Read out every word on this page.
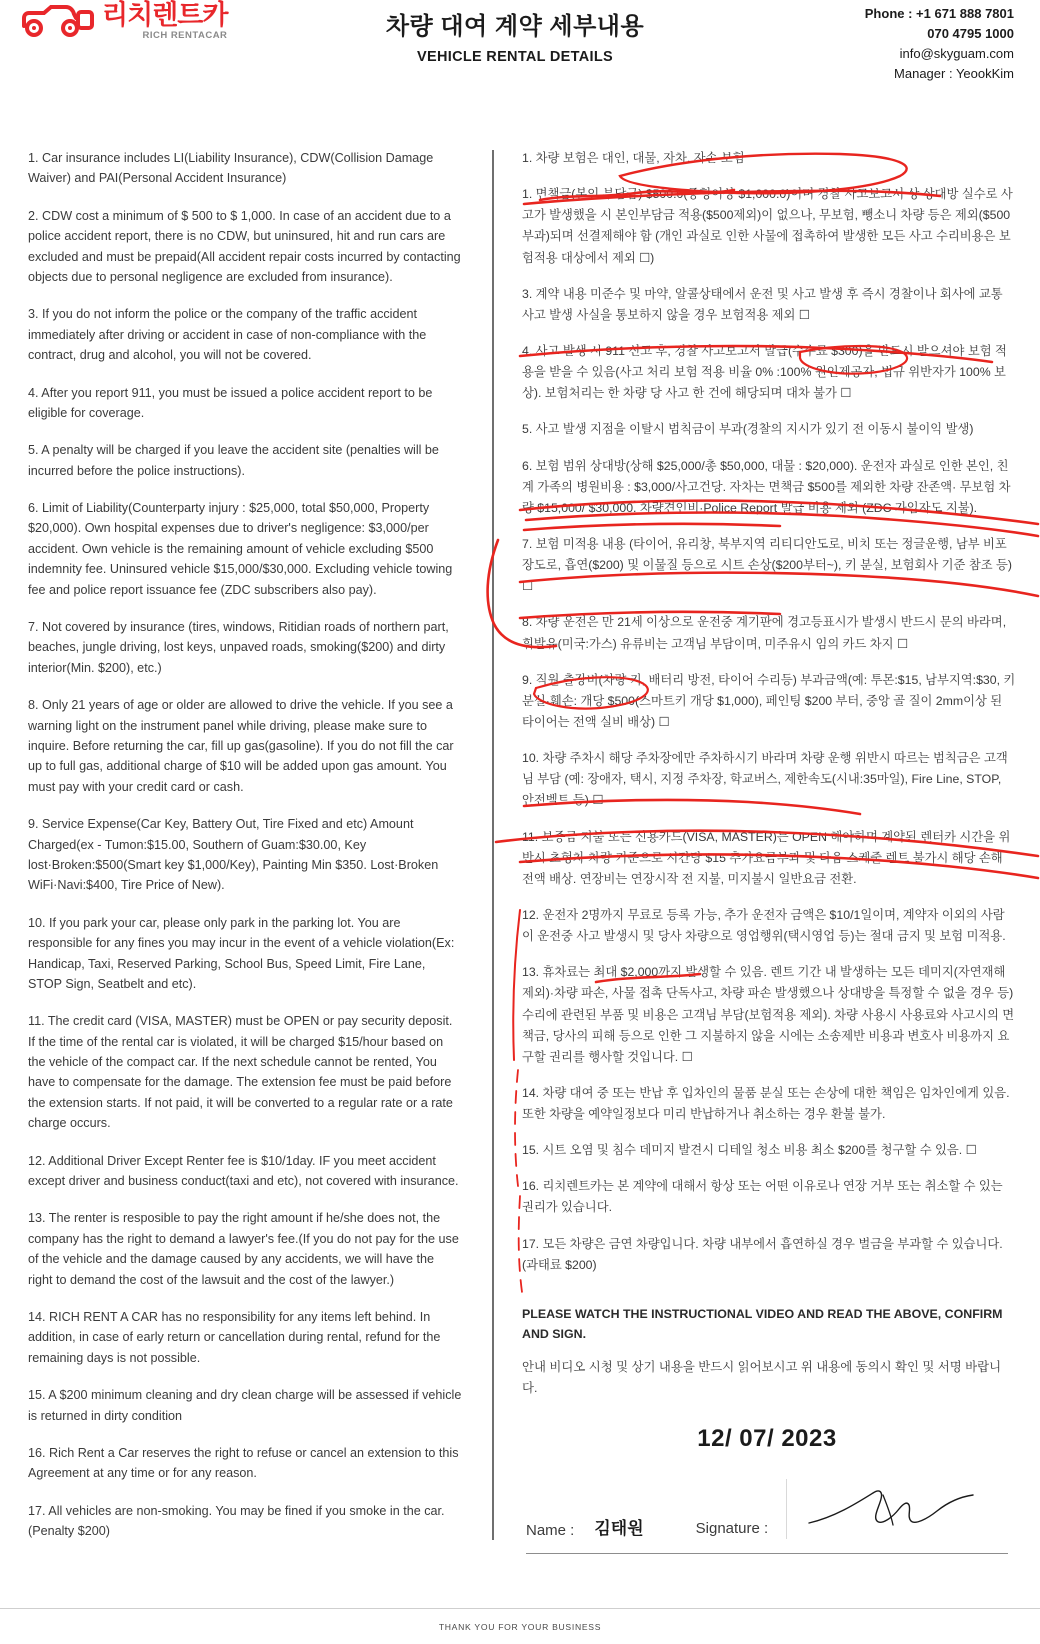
리치렌트카
RICH RENTACAR	차량 대여 계약 세부내용
VEHICLE RENTAL DETAILS
Phone : +1 671 888 7801
070 4795 1000
info@skyguam.com
Manager : YeookKim

1. Car insurance includes LI(Liability Insurance), CDW(Collision Damage Waiver) and PAI(Personal Accident Insurance)

2. CDW cost a minimum of $ 500 to $ 1,000. In case of an accident due to a police accident report, there is no CDW, but uninsured, hit and run cars are excluded and must be prepaid(All accident repair costs incurred by contacting objects due to personal negligence are excluded from insurance).

3. If you do not inform the police or the company of the traffic accident immediately after driving or accident in case of non-compliance with the contract, drug and alcohol, you will not be covered.

4. After you report 911, you must be issued a police accident report to be eligible for coverage.

5. A penalty will be charged if you leave the accident site (penalties will be incurred before the police instructions).

6. Limit of Liability(Counterparty injury : $25,000, total $50,000, Property $20,000). Own hospital expenses due to driver's negligence: $3,000/per accident. Own vehicle is the remaining amount of vehicle excluding $500 indemnity fee. Uninsured vehicle $15,000/$30,000. Excluding vehicle towing fee and police report issuance fee (ZDC subscribers also pay).

7. Not covered by insurance (tires, windows, Ritidian roads of northern part, beaches, jungle driving, lost keys, unpaved roads, smoking($200) and dirty interior(Min. $200), etc.)

8. Only 21 years of age or older are allowed to drive the vehicle. If you see a warning light on the instrument panel while driving, please make sure to inquire. Before returning the car, fill up gas(gasoline). If you do not fill the car up to full gas, additional charge of $10 will be added upon gas amount. You must pay with your credit card or cash.

9. Service Expense(Car Key, Battery Out, Tire Fixed and etc) Amount Charged(ex - Tumon:$15.00, Southern of Guam:$30.00, Key lost·Broken:$500(Smart key $1,000/Key), Painting Min $350. Lost·Broken WiFi·Navi:$400, Tire Price of New).

10. If you park your car, please only park in the parking lot. You are responsible for any fines you may incur in the event of a vehicle violation(Ex: Handicap, Taxi, Reserved Parking, School Bus, Speed Limit, Fire Lane, STOP Sign, Seatbelt and etc).

11. The credit card (VISA, MASTER) must be OPEN or pay security deposit. If the time of the rental car is violated, it will be charged $15/hour based on the vehicle of the compact car. If the next schedule cannot be rented, You have to compensate for the damage. The extension fee must be paid before the extension starts. If not paid, it will be converted to a regular rate or a rate charge occurs.

12. Additional Driver Except Renter fee is $10/1day. IF you meet accident except driver and business conduct(taxi and etc), not covered with insurance.

13. The renter is resposible to pay the right amount if he/she does not, the company has the right to demand a lawyer's fee.(If you do not pay for the use of the vehicle and the damage caused by any accidents, we will have the right to demand the cost of the lawsuit and the cost of the lawyer.)

14. RICH RENT A CAR has no responsibility for any items left behind. In addition, in case of early return or cancellation during rental, refund for the remaining days is not possible.

15. A $200 minimum cleaning and dry clean charge will be assessed if vehicle is returned in dirty condition

16. Rich Rent a Car reserves the right to refuse or cancel an extension to this Agreement at any time or for any reason.

17. All vehicles are non-smoking. You may be fined if you smoke in the car. (Penalty $200)

1. 차량 보험은 대인, 대물, 자차, 자손 보험

1. 면책금(본인 부담금) $500.0(중형이상 $1,000.0)이며 경찰 사고보고서 상 상대방 실수로 사고가 발생했을 시 본인부담금 적용($500제외)이 없으나, 무보험, 뺑소니 차량 등은 제외($500 부과)되며 선결제해야 함 (개인 과실로 인한 사물에 접촉하여 발생한 모든 사고 수리비용은 보험적용 대상에서 제외 ☐)

3. 계약 내용 미준수 및 마약, 알콜상태에서 운전 및 사고 발생 후 즉시 경찰이나 회사에 교통 사고 발생 사실을 통보하지 않을 경우 보험적용 제외 ☐

4. 사고 발생 시 911 신고 후, 경찰 사고보고서 발급(수수료 $300)을 반드시 받으셔야 보험 적용을 받을 수 있음(사고 처리 보험 적용 비율 0% :100% 원인제공자, 법규 위반자가 100% 보상). 보험처리는 한 차량 당 사고 한 건에 해당되며 대차 불가 ☐

5. 사고 발생 지점을 이탈시 범칙금이 부과(경찰의 지시가 있기 전 이동시 불이익 발생)

6. 보험 범위 상대방(상해 $25,000/총 $50,000, 대물 : $20,000). 운전자 과실로 인한 본인, 친계 가족의 병원비용 : $3,000/사고건당. 자차는 면책금 $500를 제외한 차량 잔존액· 무보험 차량 $15,000/ $30,000. 차량견인비·Police Report 발급 비용 제외 (ZDC 가입자도 지불).

7. 보험 미적용 내용 (타이어, 유리창, 북부지역 리티디안도로, 비치 또는 정글운행, 남부 비포장도로, 흡연($200) 및 이물질 등으로 시트 손상($200부터~), 키 분실, 보험회사 기준 참조 등) ☐

8. 차량 운전은 만 21세 이상으로 운전중 계기판에 경고등표시가 발생시 반드시 문의 바라며, 휘발유(미국:가스) 유류비는 고객님 부담이며, 미주유시 임의 카드 차지 ☐

9. 직원 출장비(차량 키, 배터리 방전, 타이어 수리등) 부과금액(예: 투몬:$15, 남부지역:$30, 키분실·훼손: 개당 $500(스마트키 개당 $1,000), 페인팅 $200 부터, 중앙 골 질이 2mm이상 된 타이어는 전액 실비 배상) ☐

10. 차량 주차시 해당 주차장에만 주차하시기 바라며 차량 운행 위반시 따르는 범칙금은 고객님 부담 (예: 장애자, 택시, 지정 주차장, 학교버스, 제한속도(시내:35마일), Fire Line, STOP, 안전벨트 등) ☐

11. 보증금 지불 또는 신용카드(VISA, MASTER)는 OPEN 해야하며 계약된 렌터카 시간을 위반시 초형차 차량 기준으로 시간당 $15 추가요금부과 및 다음 스케줄 렌트 불가시 해당 손해 전액 배상. 연장비는 연장시작 전 지불, 미지불시 일반요금 전환.

12. 운전자 2명까지 무료로 등록 가능, 추가 운전자 금액은 $10/1일이며, 계약자 이외의 사람이 운전중 사고 발생시 및 당사 차량으로 영업행위(택시영업 등)는 절대 금지 및 보험 미적용.

13. 휴차료는 최대 $2,000까지 발생할 수 있음. 렌트 기간 내 발생하는 모든 데미지(자연재해 제외)·차량 파손, 사물 접촉 단독사고, 차량 파손 발생했으나 상대방을 특정할 수 없을 경우 등) 수리에 관련된 부품 및 비용은 고객님 부담(보험적용 제외). 차량 사용시 사용료와 사고시의 면책금, 당사의 피해 등으로 인한 그 지불하지 않을 시에는 소송제반 비용과 변호사 비용까지 요구할 권리를 행사할 것입니다. ☐

14. 차량 대여 중 또는 반납 후 입차인의 물품 분실 또는 손상에 대한 책임은 임차인에게 있음. 또한 차량을 예약일정보다 미리 반납하거나 취소하는 경우 환불 불가.

15. 시트 오염 및 침수 데미지 발견시 디테일 청소 비용 최소 $200를 청구할 수 있음. ☐

16. 리치렌트카는 본 계약에 대해서 항상 또는 어떤 이유로나 연장 거부 또는 취소할 수 있는 권리가 있습니다.

17. 모든 차량은 금연 차량입니다. 차량 내부에서 흡연하실 경우 벌금을 부과할 수 있습니다. (과태료 $200)

PLEASE WATCH THE INSTRUCTIONAL VIDEO AND READ THE ABOVE, CONFIRM AND SIGN.
안내 비디오 시청 및 상기 내용을 반드시 읽어보시고 위 내용에 동의시 확인 및 서명 바랍니다.
12/ 07/ 2023
Name : 김태원	Signature :
THANK YOU FOR YOUR BUSINESS
